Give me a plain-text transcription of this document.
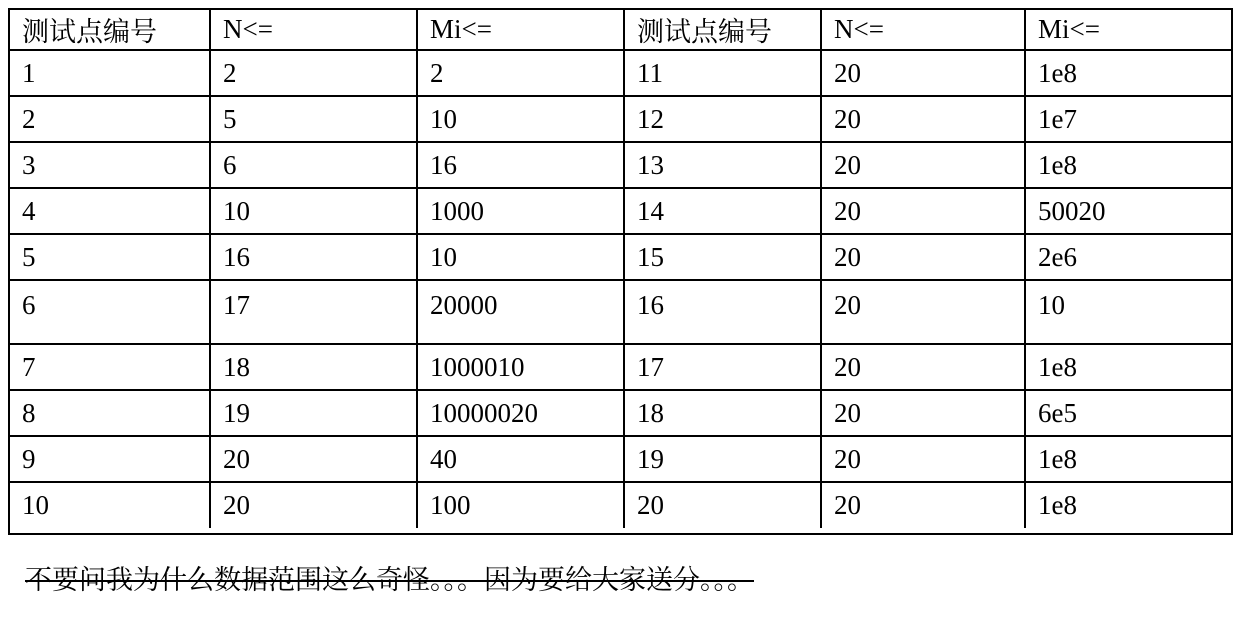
测试点编号	N<=	Mi<=	测试点编号	N<=	Mi<=
1	2	2	11	20	1e8
2	5	10	12	20	1e7
3	6	16	13	20	1e8
4	10	1000	14	20	50020
5	16	10	15	20	2e6
6	17	20000	16	20	10
7	18	1000010	17	20	1e8
8	19	10000020	18	20	6e5
9	20	40	19	20	1e8
10	20	100	20	20	1e8

不要问我为什么数据范围这么奇怪。。。因为要给大家送分。。。
